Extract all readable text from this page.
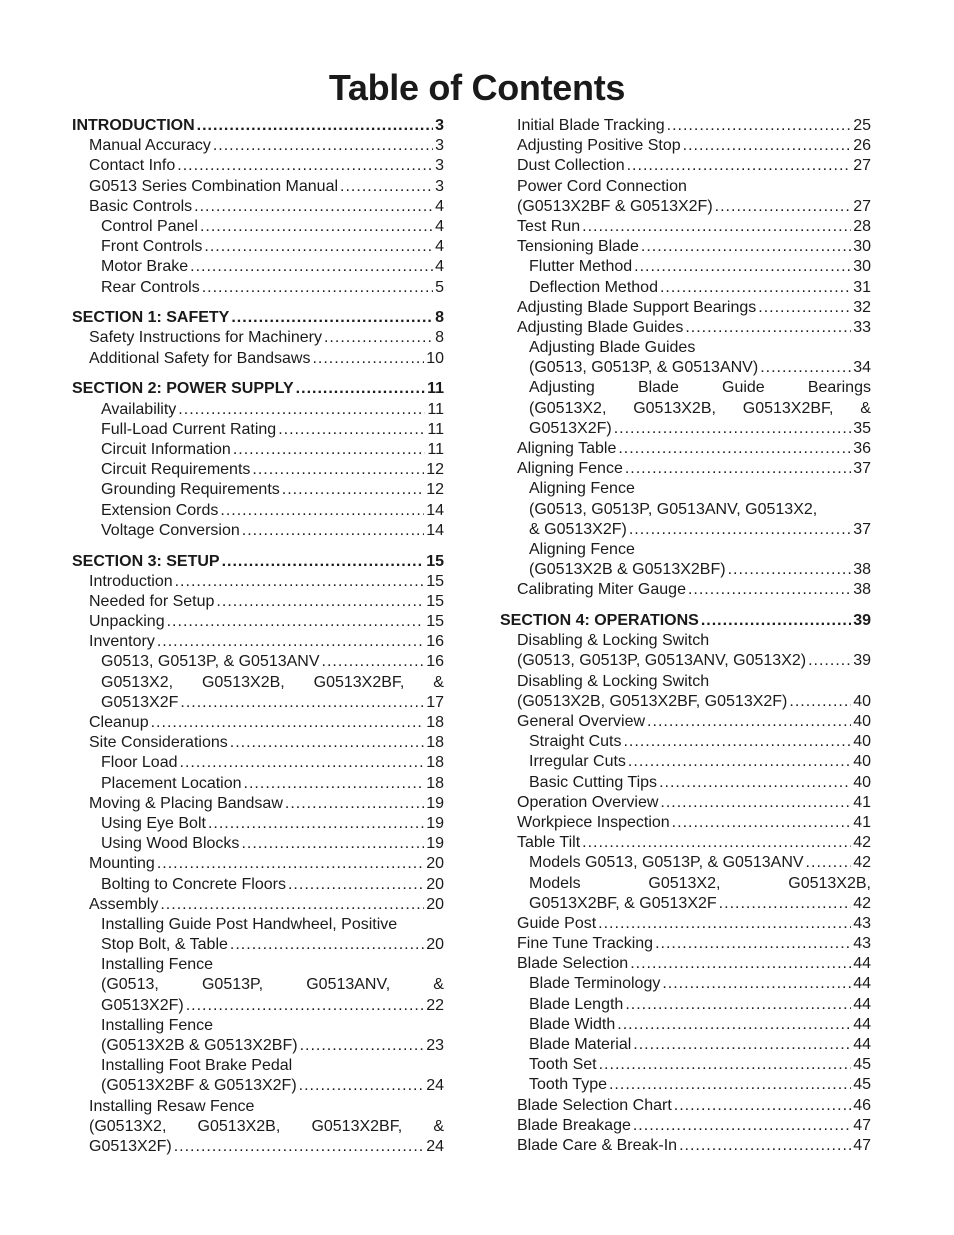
Table of Contents
INTRODUCTION .....	3
Manual Accuracy .....	3
Contact Info .....	3
G0513 Series Combination Manual .....	3
Basic Controls .....	4
Control Panel .....	4
Front Controls .....	4
Motor Brake .....	4
Rear Controls .....	5
SECTION 1: SAFETY .....	8
Safety Instructions for Machinery .....	8
Additional Safety for Bandsaws .....	10
SECTION 2: POWER SUPPLY .....	11
Availability .....	11
Full-Load Current Rating .....	11
Circuit Information .....	11
Circuit Requirements .....	12
Grounding Requirements .....	12
Extension Cords .....	14
Voltage Conversion .....	14
SECTION 3: SETUP .....	15
Introduction .....	15
Needed for Setup .....	15
Unpacking .....	15
Inventory .....	16
G0513, G0513P, & G0513ANV .....	16
G0513X2, G0513X2B, G0513X2BF, &
G0513X2F .....	17
Cleanup .....	18
Site Considerations .....	18
Floor Load .....	18
Placement Location .....	18
Moving & Placing Bandsaw .....	19
Using Eye Bolt .....	19
Using Wood Blocks .....	19
Mounting .....	20
Bolting to Concrete Floors .....	20
Assembly .....	20
Installing Guide Post Handwheel, Positive
Stop Bolt, & Table .....	20
Installing Fence
(G0513,	G0513P,	G0513ANV,	&
G0513X2F) .....	22
Installing Fence
(G0513X2B & G0513X2BF) .....	23
Installing Foot Brake Pedal
(G0513X2BF & G0513X2F) .....	24
Installing Resaw Fence
(G0513X2, G0513X2B, G0513X2BF, &
G0513X2F) .....	24
Initial Blade Tracking .....	25
Adjusting Positive Stop .....	26
Dust Collection .....	27
Power Cord Connection
(G0513X2BF & G0513X2F) .....	27
Test Run .....	28
Tensioning Blade .....	30
Flutter Method .....	30
Deflection Method .....	31
Adjusting Blade Support Bearings .....	32
Adjusting Blade Guides .....	33
Adjusting Blade Guides
(G0513, G0513P, & G0513ANV) .....	34
Adjusting	Blade	Guide	Bearings
(G0513X2, G0513X2B, G0513X2BF, &
G0513X2F) .....	35
Aligning Table .....	36
Aligning Fence .....	37
Aligning Fence
(G0513, G0513P, G0513ANV, G0513X2,
& G0513X2F) .....	37
Aligning Fence
(G0513X2B & G0513X2BF) .....	38
Calibrating Miter Gauge .....	38
SECTION 4: OPERATIONS .....	39
Disabling & Locking Switch
(G0513, G0513P, G0513ANV, G0513X2) .....	39
Disabling & Locking Switch
(G0513X2B, G0513X2BF, G0513X2F) .....	40
General Overview .....	40
Straight Cuts .....	40
Irregular Cuts .....	40
Basic Cutting Tips .....	40
Operation Overview .....	41
Workpiece Inspection .....	41
Table Tilt .....	42
Models G0513, G0513P, & G0513ANV .....	42
Models	G0513X2,	G0513X2B,
G0513X2BF, & G0513X2F .....	42
Guide Post .....	43
Fine Tune Tracking .....	43
Blade Selection .....	44
Blade Terminology .....	44
Blade Length .....	44
Blade Width .....	44
Blade Material .....	44
Tooth Set .....	45
Tooth Type .....	45
Blade Selection Chart .....	46
Blade Breakage .....	47
Blade Care & Break-In .....	47
